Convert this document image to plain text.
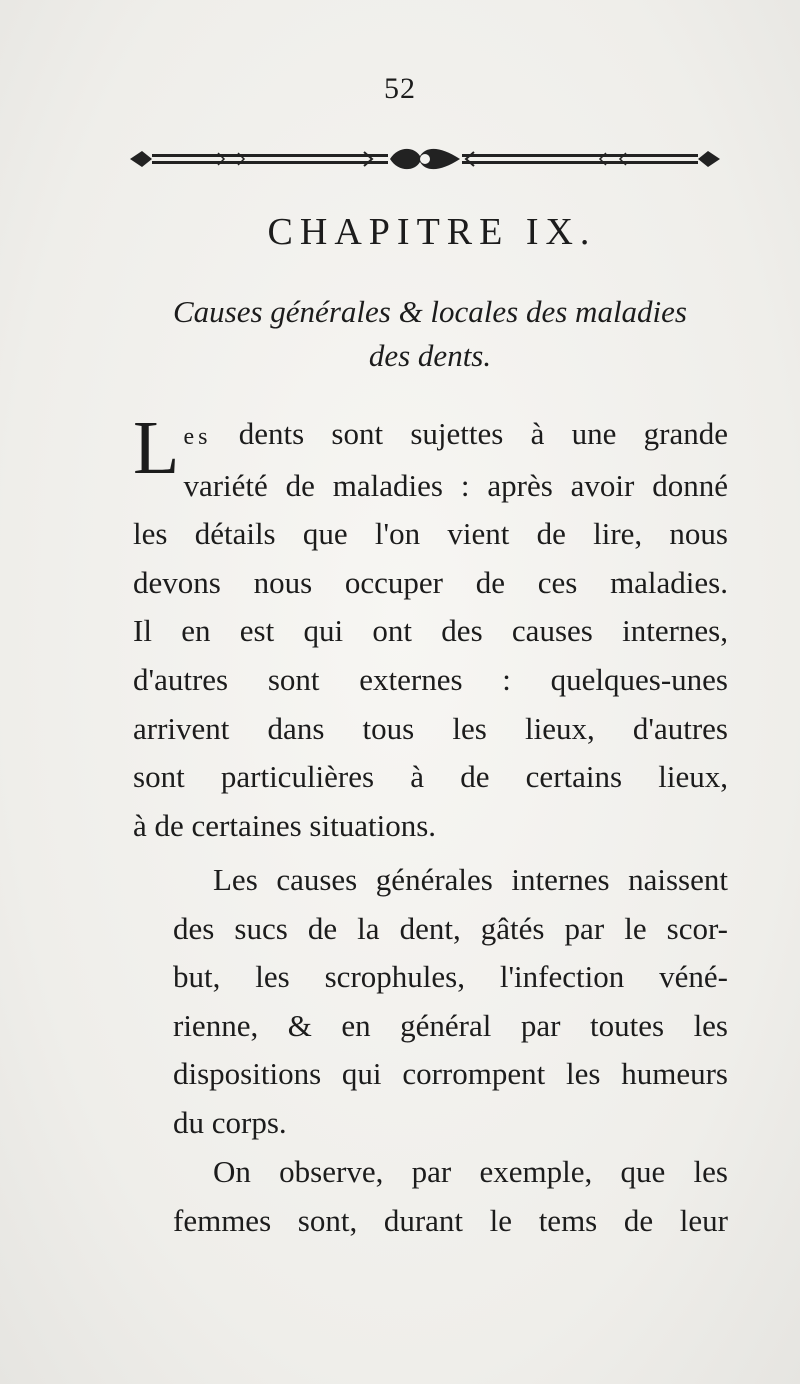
52
CHAPITRE IX.
Causes générales & locales des maladies
des dents.
L es dents sont sujettes à une grande
variété de maladies : après avoir donné
les détails que l'on vient de lire, nous
devons nous occuper de ces maladies.
Il en est qui ont des causes internes,
d'autres sont externes : quelques-unes
arrivent dans tous les lieux, d'autres
sont particulières à de certains lieux,
à de certaines situations.
Les causes générales internes naissent
des sucs de la dent, gâtés par le scor-
but, les scrophules, l'infection véné-
rienne, & en général par toutes les
dispositions qui corrompent les humeurs
du corps.
On observe, par exemple, que les
femmes sont, durant le tems de leur
